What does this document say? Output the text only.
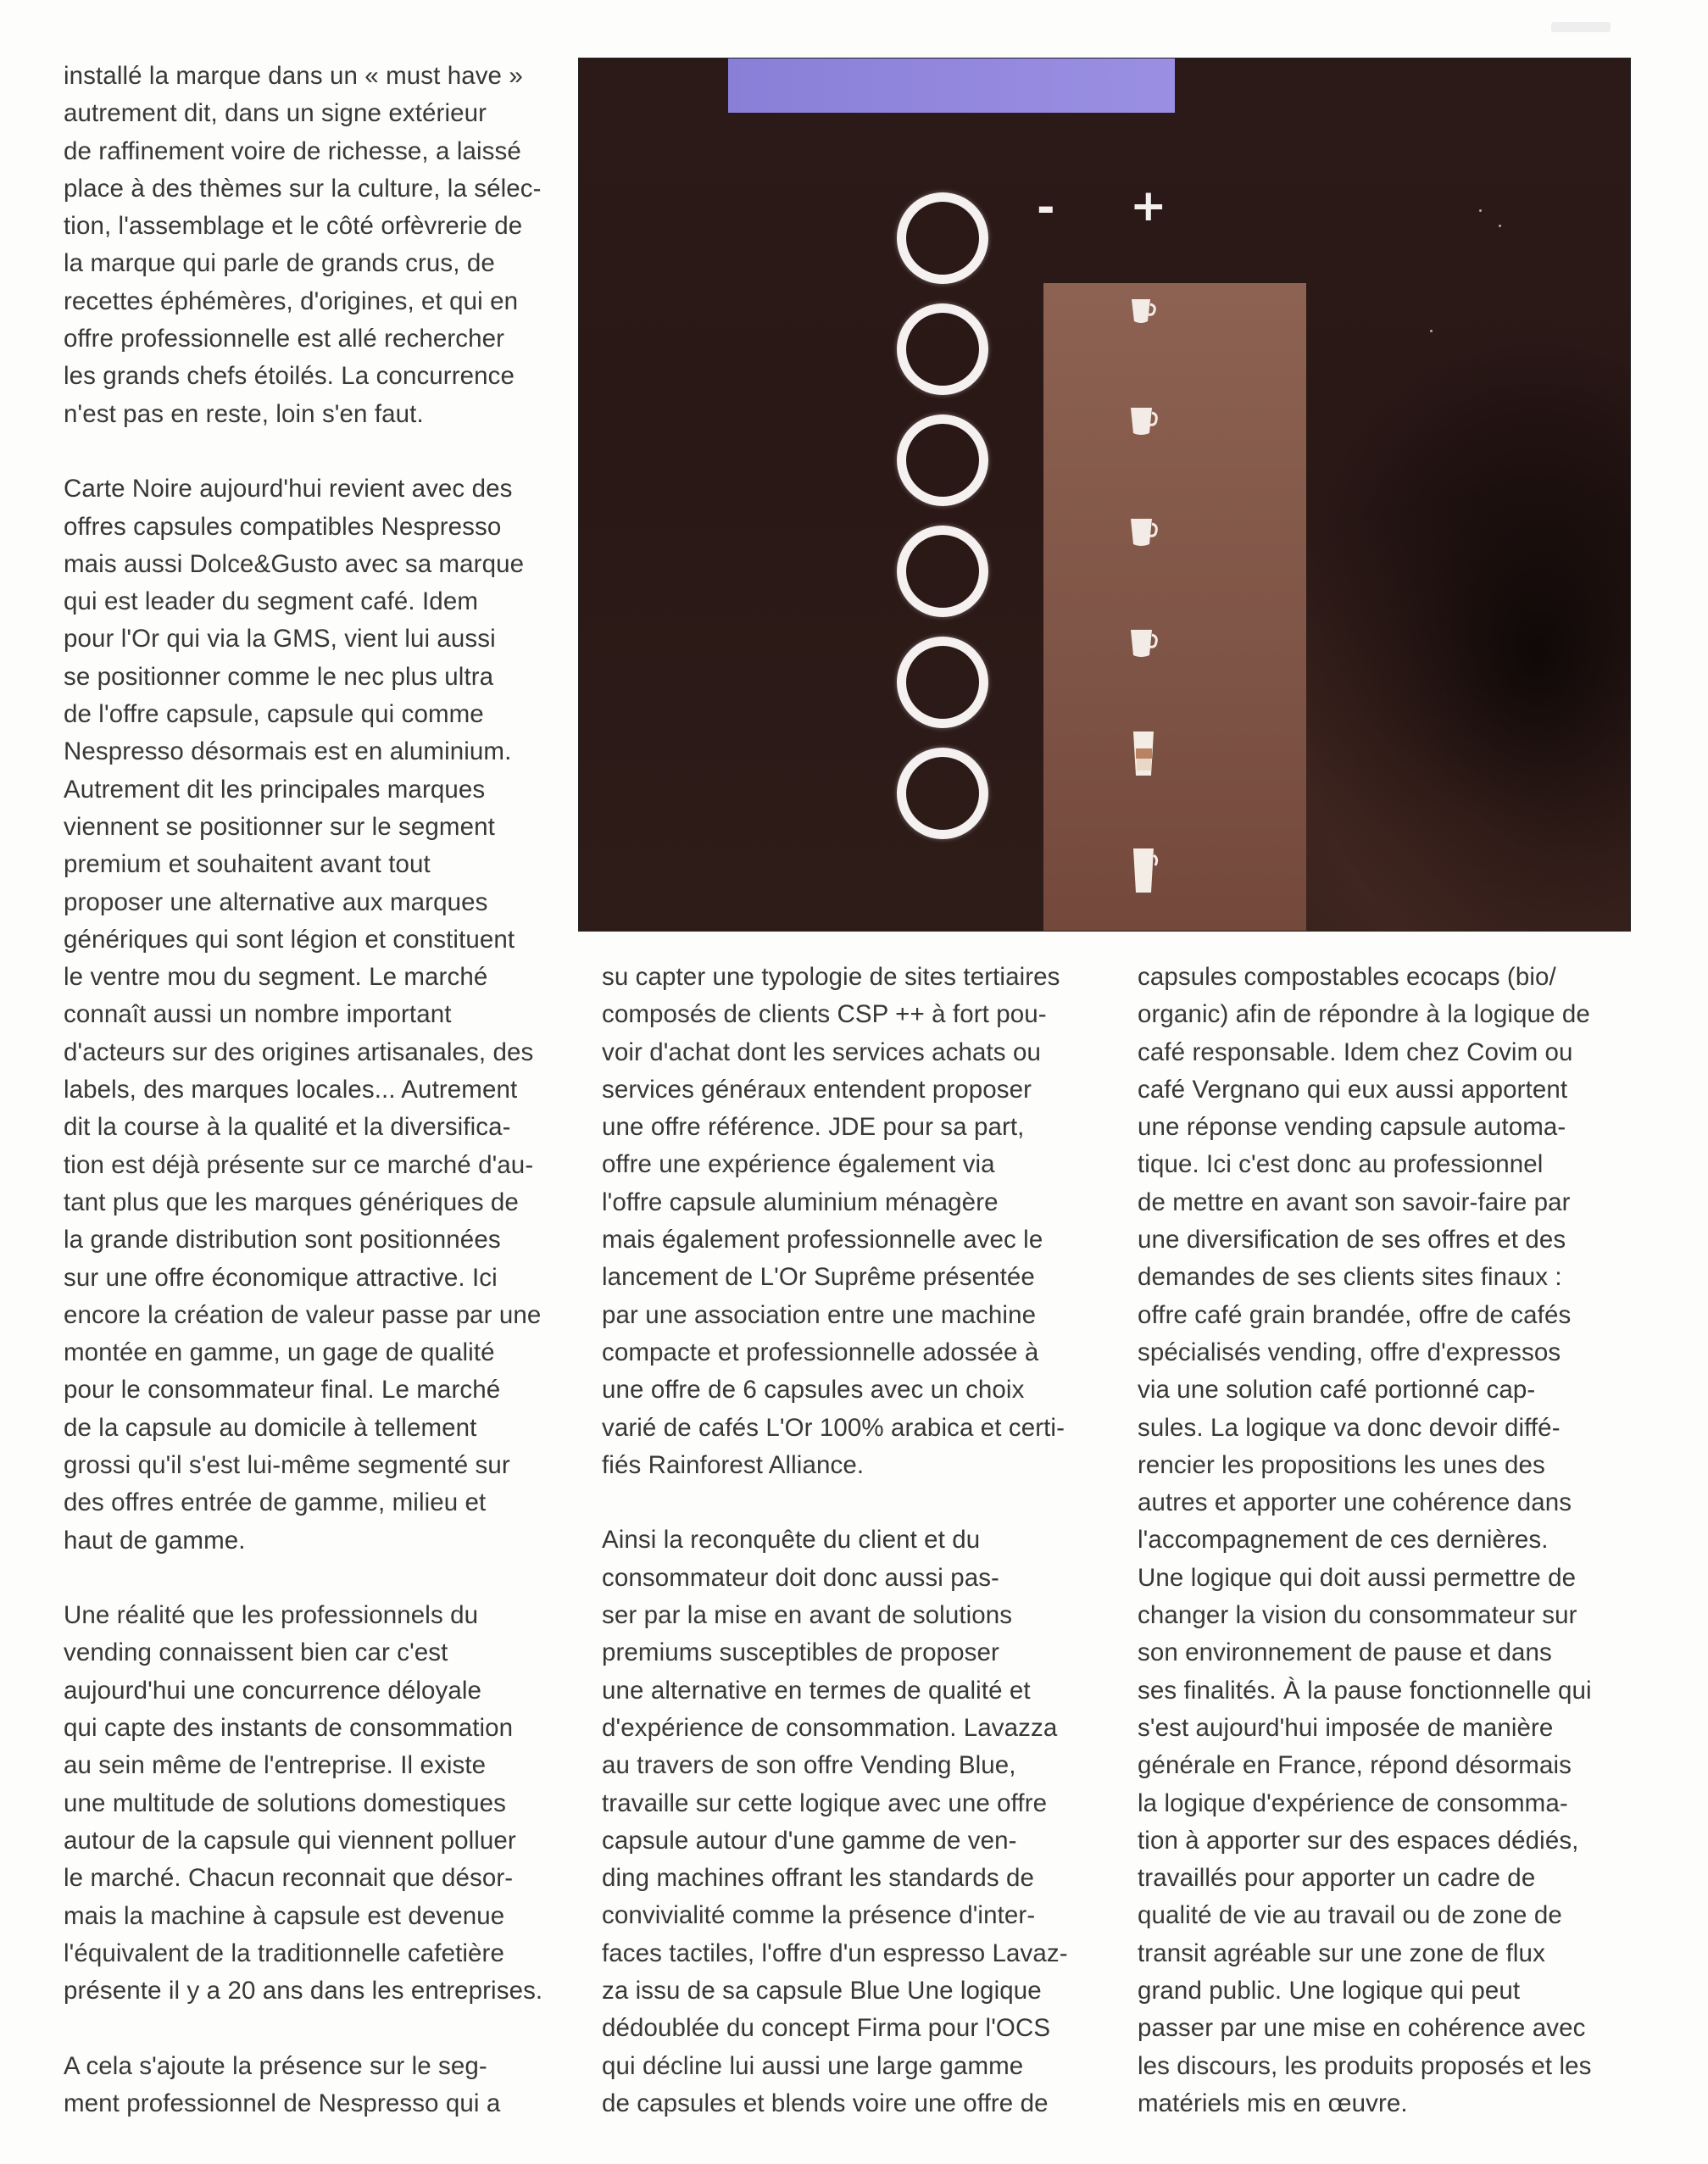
installé la marque dans un « must have »

autrement dit, dans un signe extérieur

de raffinement voire de richesse, a laissé

place à des thèmes sur la culture, la sélec-

tion, l'assemblage et le côté orfèvrerie de

la marque qui parle de grands crus, de

recettes éphémères, d'origines, et qui en

offre professionnelle est allé rechercher

les grands chefs étoilés. La concurrence

n'est pas en reste, loin s'en faut.

Carte Noire aujourd'hui revient avec des

offres capsules compatibles Nespresso

mais aussi Dolce&Gusto avec sa marque

qui est leader du segment café. Idem

pour l'Or qui via la GMS, vient lui aussi

se positionner comme le nec plus ultra

de l'offre capsule, capsule qui comme

Nespresso désormais est en aluminium.

Autrement dit les principales marques

viennent se positionner sur le segment

premium et souhaitent avant tout

proposer une alternative aux marques

génériques qui sont légion et constituent

le ventre mou du segment. Le marché

connaît aussi un nombre important

d'acteurs sur des origines artisanales, des

labels, des marques locales... Autrement

dit la course à la qualité et la diversifica-

tion est déjà présente sur ce marché d'au-

tant plus que les marques génériques de

la grande distribution sont positionnées

sur une offre économique attractive. Ici

encore la création de valeur passe par une

montée en gamme, un gage de qualité

pour le consommateur final. Le marché

de la capsule au domicile à tellement

grossi qu'il s'est lui-même segmenté sur

des offres entrée de gamme, milieu et

haut de gamme.

Une réalité que les professionnels du

vending connaissent bien car c'est

aujourd'hui une concurrence déloyale

qui capte des instants de consommation

au sein même de l'entreprise. Il existe

une multitude de solutions domestiques

autour de la capsule qui viennent polluer

le marché. Chacun reconnait que désor-

mais la machine à capsule est devenue

l'équivalent de la traditionnelle cafetière

présente il y a 20 ans dans les entreprises.

A cela s'ajoute la présence sur le seg-

ment professionnel de Nespresso qui a

- +

su capter une typologie de sites tertiaires

composés de clients CSP ++ à fort pou-

voir d'achat dont les services achats ou

services généraux entendent proposer

une offre référence. JDE pour sa part,

offre une expérience également via

l'offre capsule aluminium ménagère

mais également professionnelle avec le

lancement de L'Or Suprême présentée

par une association entre une machine

compacte et professionnelle adossée à

une offre de 6 capsules avec un choix

varié de cafés L'Or 100% arabica et certi-

fiés Rainforest Alliance.

Ainsi la reconquête du client et du

consommateur doit donc aussi pas-

ser par la mise en avant de solutions

premiums susceptibles de proposer

une alternative en termes de qualité et

d'expérience de consommation. Lavazza

au travers de son offre Vending Blue,

travaille sur cette logique avec une offre

capsule autour d'une gamme de ven-

ding machines offrant les standards de

convivialité comme la présence d'inter-

faces tactiles, l'offre d'un espresso Lavaz-

za issu de sa capsule Blue Une logique

dédoublée du concept Firma pour l'OCS

qui décline lui aussi une large gamme

de capsules et blends voire une offre de

capsules compostables ecocaps (bio/

organic) afin de répondre à la logique de

café responsable. Idem chez Covim ou

café Vergnano qui eux aussi apportent

une réponse vending capsule automa-

tique. Ici c'est donc au professionnel

de mettre en avant son savoir-faire par

une diversification de ses offres et des

demandes de ses clients sites finaux :

offre café grain brandée, offre de cafés

spécialisés vending, offre d'expressos

via une solution café portionné cap-

sules. La logique va donc devoir diffé-

rencier les propositions les unes des

autres et apporter une cohérence dans

l'accompagnement de ces dernières.

Une logique qui doit aussi permettre de

changer la vision du consommateur sur

son environnement de pause et dans

ses finalités. À la pause fonctionnelle qui

s'est aujourd'hui imposée de manière

générale en France, répond désormais

la logique d'expérience de consomma-

tion à apporter sur des espaces dédiés,

travaillés pour apporter un cadre de

qualité de vie au travail ou de zone de

transit agréable sur une zone de flux

grand public. Une logique qui peut

passer par une mise en cohérence avec

les discours, les produits proposés et les

matériels mis en œuvre.
